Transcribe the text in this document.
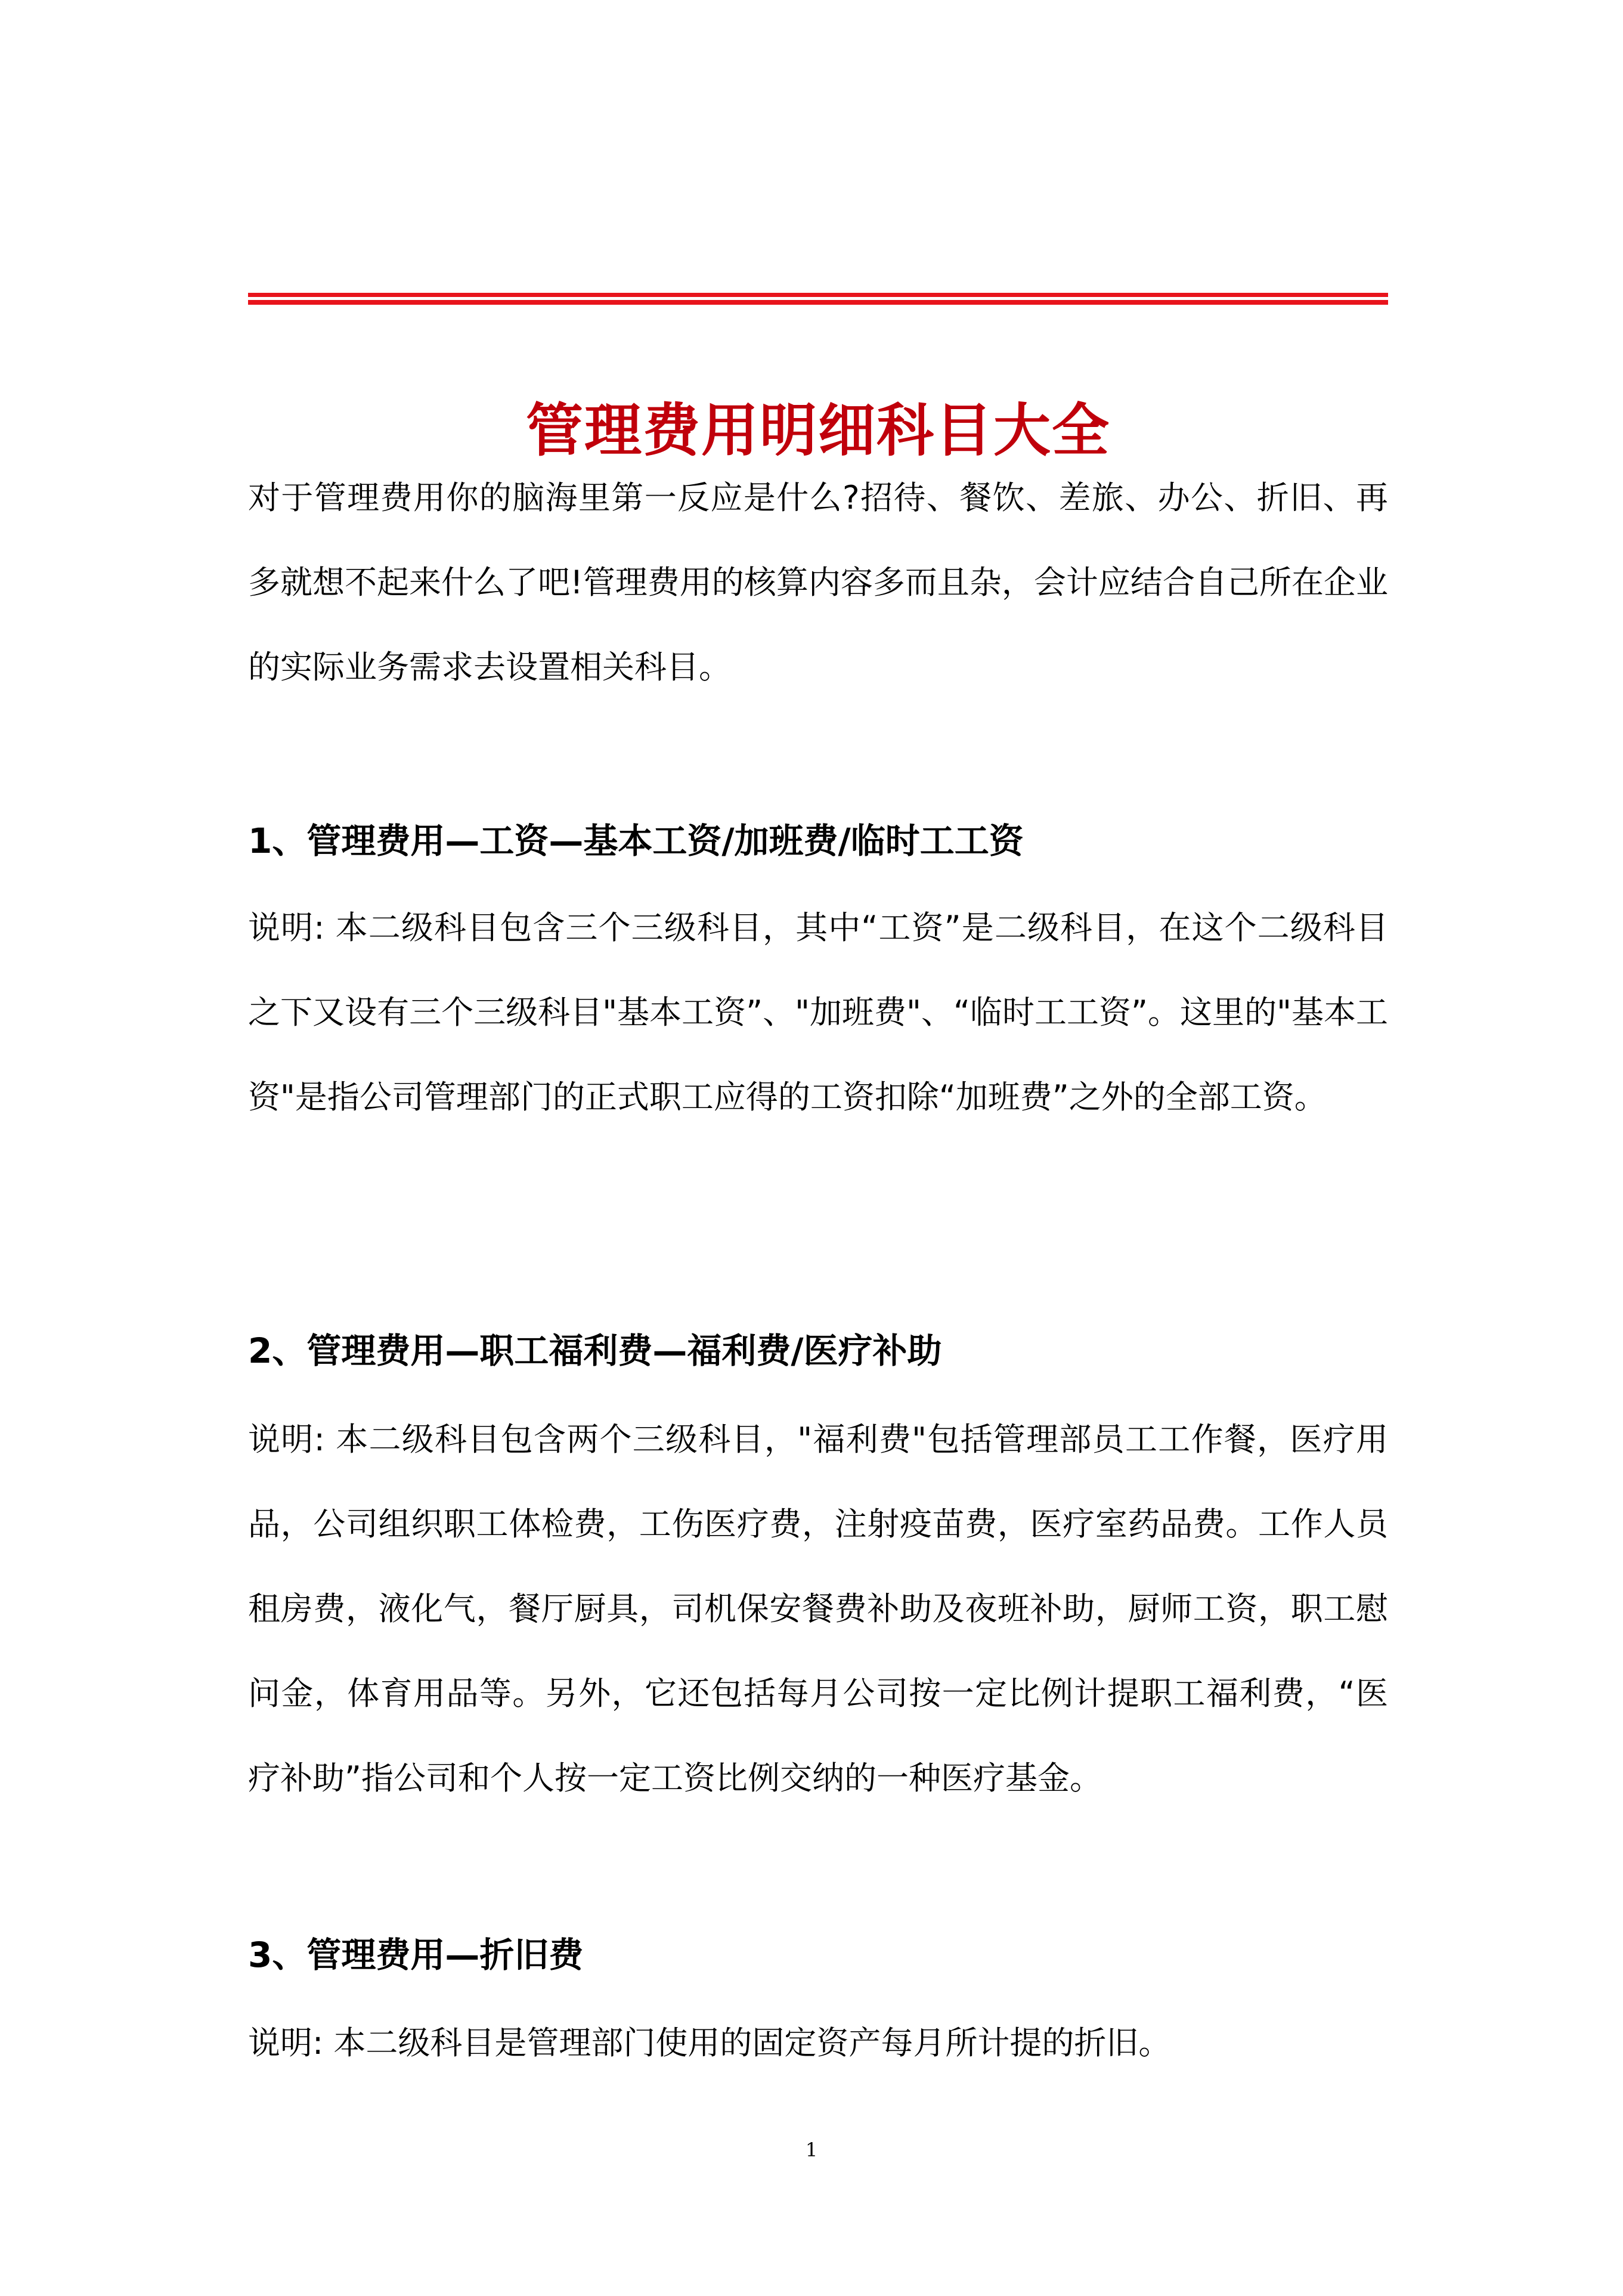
管理费用明细科目大全

对于管理费用你的脑海里第一反应是什么?招待、餐饮、差旅、办公、折旧、再多就想不起来什么了吧!管理费用的核算内容多而且杂，会计应结合自己所在企业的实际业务需求去设置相关科目。

1、管理费用—工资—基本工资/加班费/临时工工资

说明: 本二级科目包含三个三级科目，其中“工资”是二级科目，在这个二级科目之下又设有三个三级科目"基本工资”、"加班费"、“临时工工资”。这里的"基本工资"是指公司管理部门的正式职工应得的工资扣除“加班费”之外的全部工资。

2、管理费用—职工福利费—福利费/医疗补助

说明: 本二级科目包含两个三级科目，"福利费"包括管理部员工工作餐，医疗用品，公司组织职工体检费，工伤医疗费，注射疫苗费，医疗室药品费。工作人员租房费，液化气，餐厅厨具，司机保安餐费补助及夜班补助，厨师工资，职工慰问金，体育用品等。另外，它还包括每月公司按一定比例计提职工福利费，“医疗补助”指公司和个人按一定工资比例交纳的一种医疗基金。

3、管理费用—折旧费

说明: 本二级科目是管理部门使用的固定资产每月所计提的折旧。

1
